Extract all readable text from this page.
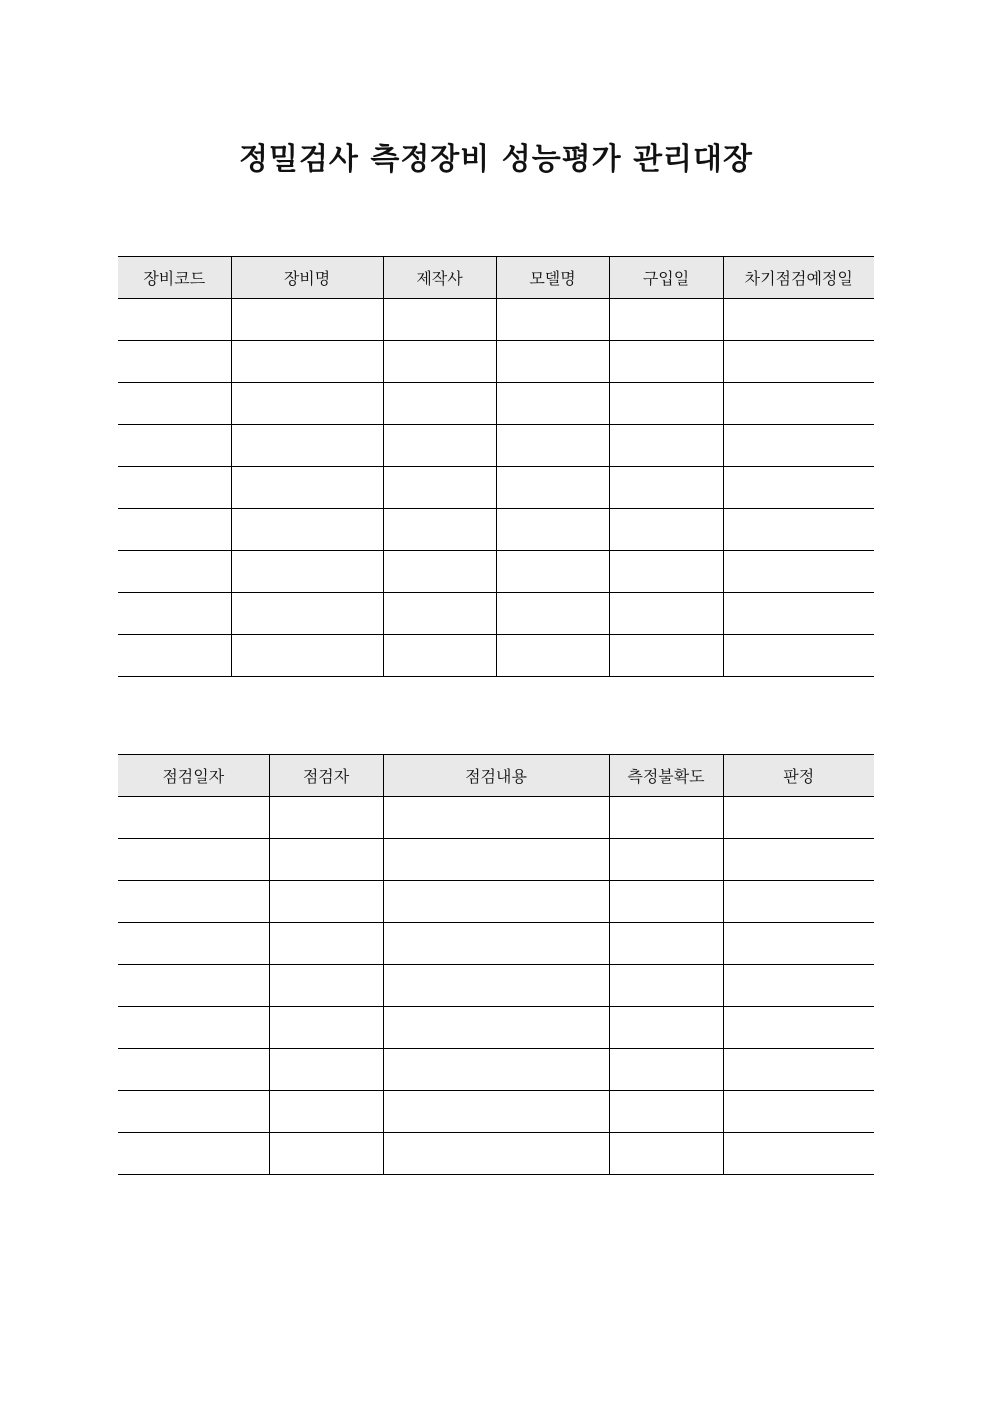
정밀검사 측정장비 성능평가 관리대장
장비코드	장비명	제작사	모델명	구입일	차기점검예정일

점검일자	점검자	점검내용	측정불확도	판정
